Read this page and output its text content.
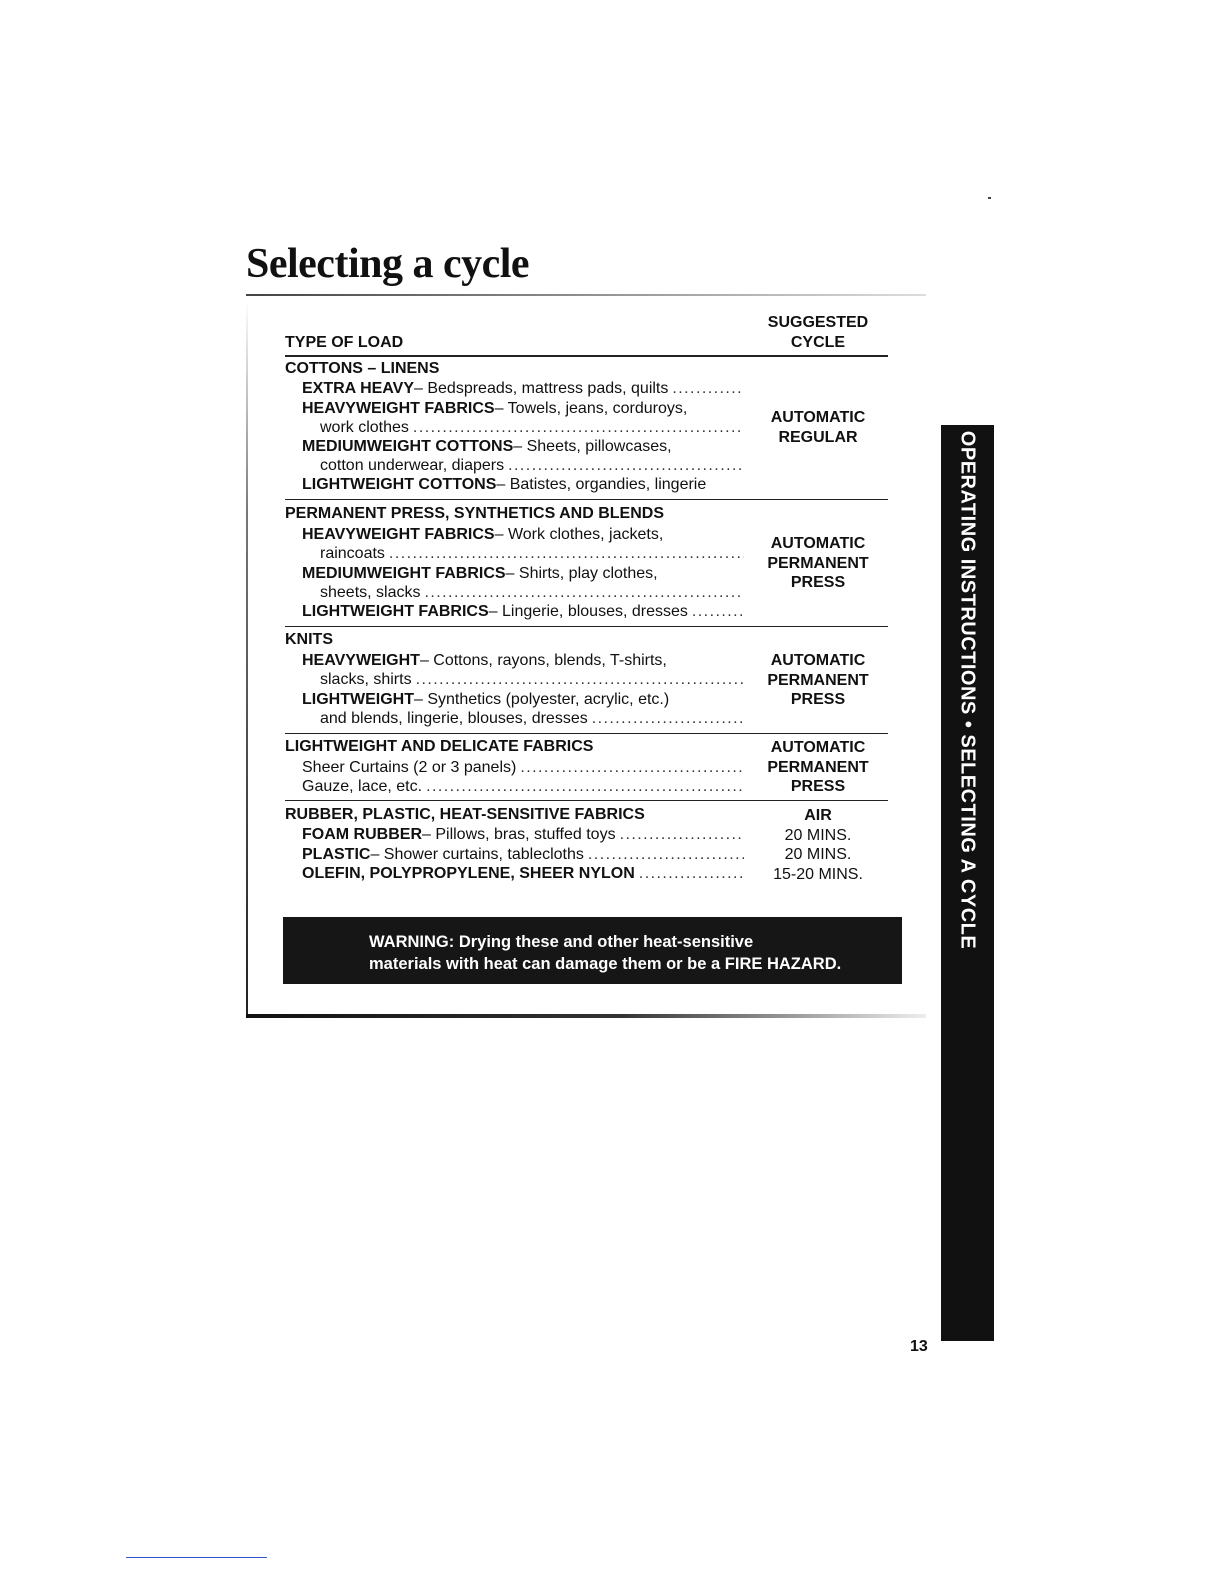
Selecting a cycle
TYPE OF LOAD
SUGGESTED CYCLE
COTTONS – LINENS
EXTRA HEAVY – Bedspreads, mattress pads, quilts
. . .
HEAVYWEIGHT FABRICS – Towels, jeans, corduroys,
work clothes
. . .
MEDIUMWEIGHT COTTONS – Sheets, pillowcases,
cotton underwear, diapers
. . .
LIGHTWEIGHT COTTONS – Batistes, organdies, lingerie
AUTOMATIC
REGULAR
PERMANENT PRESS, SYNTHETICS AND BLENDS
HEAVYWEIGHT FABRICS – Work clothes, jackets,
raincoats
. . .
MEDIUMWEIGHT FABRICS – Shirts, play clothes,
sheets, slacks
. . .
LIGHTWEIGHT FABRICS – Lingerie, blouses, dresses
. . .
AUTOMATIC
PERMANENT
PRESS
KNITS
HEAVYWEIGHT – Cottons, rayons, blends, T-shirts,
slacks, shirts
. . .
LIGHTWEIGHT – Synthetics (polyester, acrylic, etc.)
and blends, lingerie, blouses, dresses
. . .
AUTOMATIC
PERMANENT
PRESS
LIGHTWEIGHT AND DELICATE FABRICS
Sheer Curtains (2 or 3 panels)
. . .
Gauze, lace, etc.
. . .
AUTOMATIC
PERMANENT
PRESS
RUBBER, PLASTIC, HEAT-SENSITIVE FABRICS
FOAM RUBBER – Pillows, bras, stuffed toys
. . .
PLASTIC – Shower curtains, tablecloths
. . .
OLEFIN, POLYPROPYLENE, SHEER NYLON
. . .
AIR
20 MINS.
20 MINS.
15-20 MINS.
WARNING: Drying these and other heat-sensitive
materials with heat can damage them or be a FIRE HAZARD.
OPERATING INSTRUCTIONS • SELECTING A CYCLE
13
